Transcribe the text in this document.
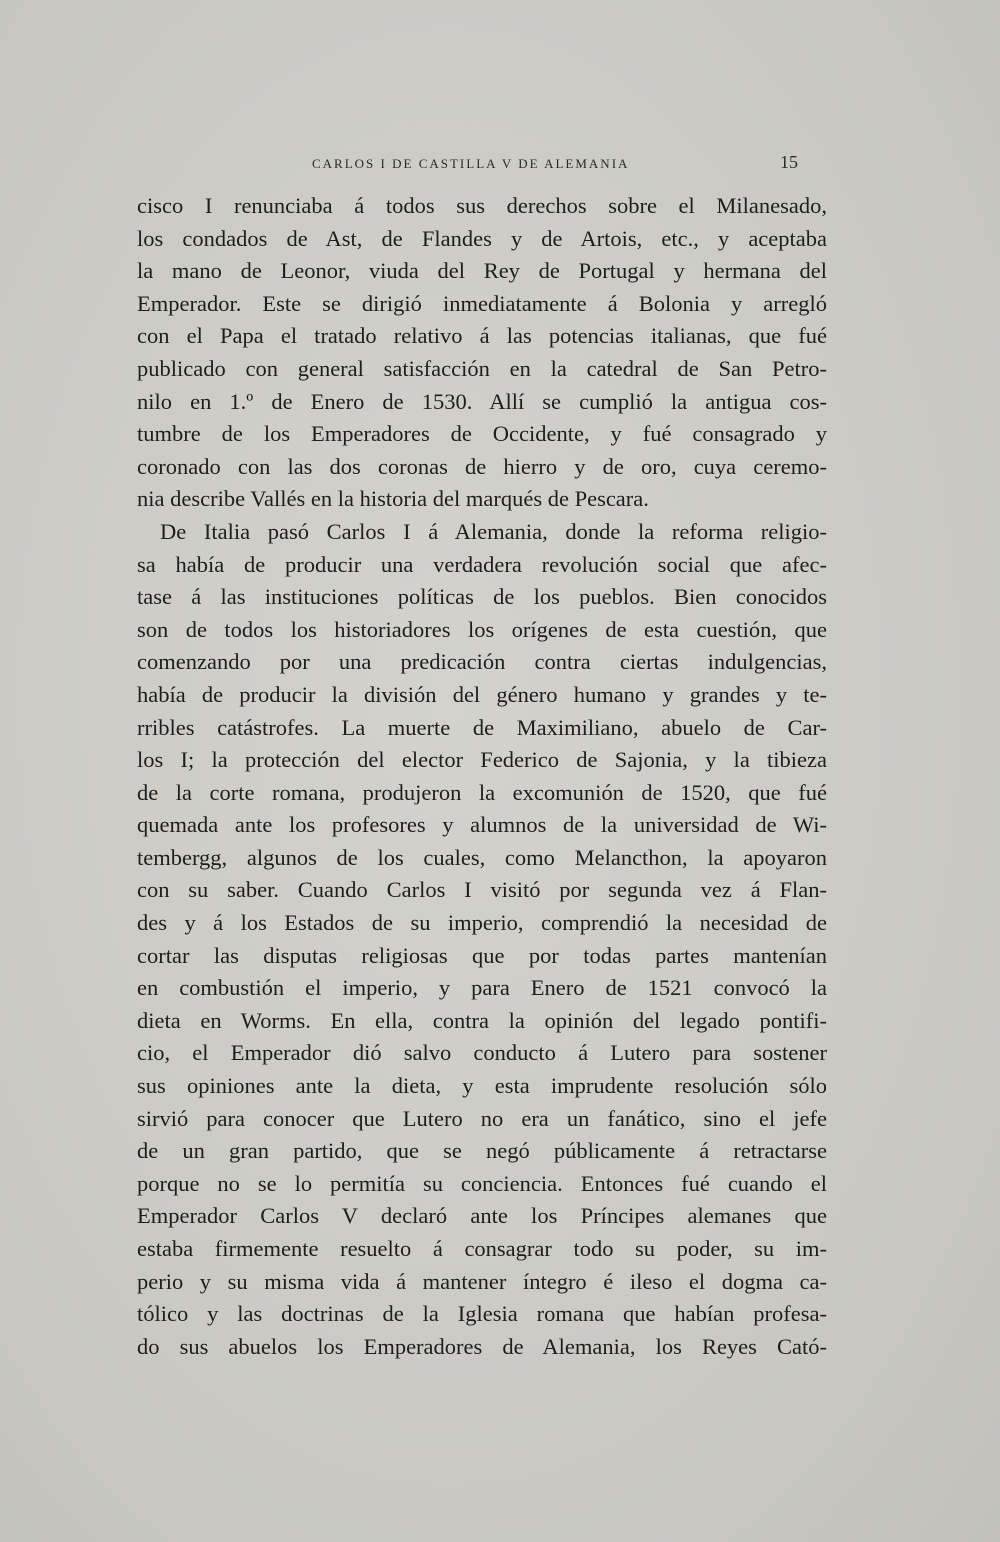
CARLOS I DE CASTILLA V DE ALEMANIA	15
cisco I renunciaba á todos sus derechos sobre el Milanesado,
los condados de Ast, de Flandes y de Artois, etc., y aceptaba
la mano de Leonor, viuda del Rey de Portugal y hermana del
Emperador. Este se dirigió inmediatamente á Bolonia y arregló
con el Papa el tratado relativo á las potencias italianas, que fué
publicado con general satisfacción en la catedral de San Petro-
nilo en 1.º de Enero de 1530. Allí se cumplió la antigua cos-
tumbre de los Emperadores de Occidente, y fué consagrado y
coronado con las dos coronas de hierro y de oro, cuya ceremo-
nia describe Vallés en la historia del marqués de Pescara.
De Italia pasó Carlos I á Alemania, donde la reforma religio-
sa había de producir una verdadera revolución social que afec-
tase á las instituciones políticas de los pueblos. Bien conocidos
son de todos los historiadores los orígenes de esta cuestión, que
comenzando por una predicación contra ciertas indulgencias,
había de producir la división del género humano y grandes y te-
rribles catástrofes. La muerte de Maximiliano, abuelo de Car-
los I; la protección del elector Federico de Sajonia, y la tibieza
de la corte romana, produjeron la excomunión de 1520, que fué
quemada ante los profesores y alumnos de la universidad de Wi-
tembergg, algunos de los cuales, como Melancthon, la apoyaron
con su saber. Cuando Carlos I visitó por segunda vez á Flan-
des y á los Estados de su imperio, comprendió la necesidad de
cortar las disputas religiosas que por todas partes mantenían
en combustión el imperio, y para Enero de 1521 convocó la
dieta en Worms. En ella, contra la opinión del legado pontifi-
cio, el Emperador dió salvo conducto á Lutero para sostener
sus opiniones ante la dieta, y esta imprudente resolución sólo
sirvió para conocer que Lutero no era un fanático, sino el jefe
de un gran partido, que se negó públicamente á retractarse
porque no se lo permitía su conciencia. Entonces fué cuando el
Emperador Carlos V declaró ante los Príncipes alemanes que
estaba firmemente resuelto á consagrar todo su poder, su im-
perio y su misma vida á mantener íntegro é ileso el dogma ca-
tólico y las doctrinas de la Iglesia romana que habían profesa-
do sus abuelos los Emperadores de Alemania, los Reyes Cató-
